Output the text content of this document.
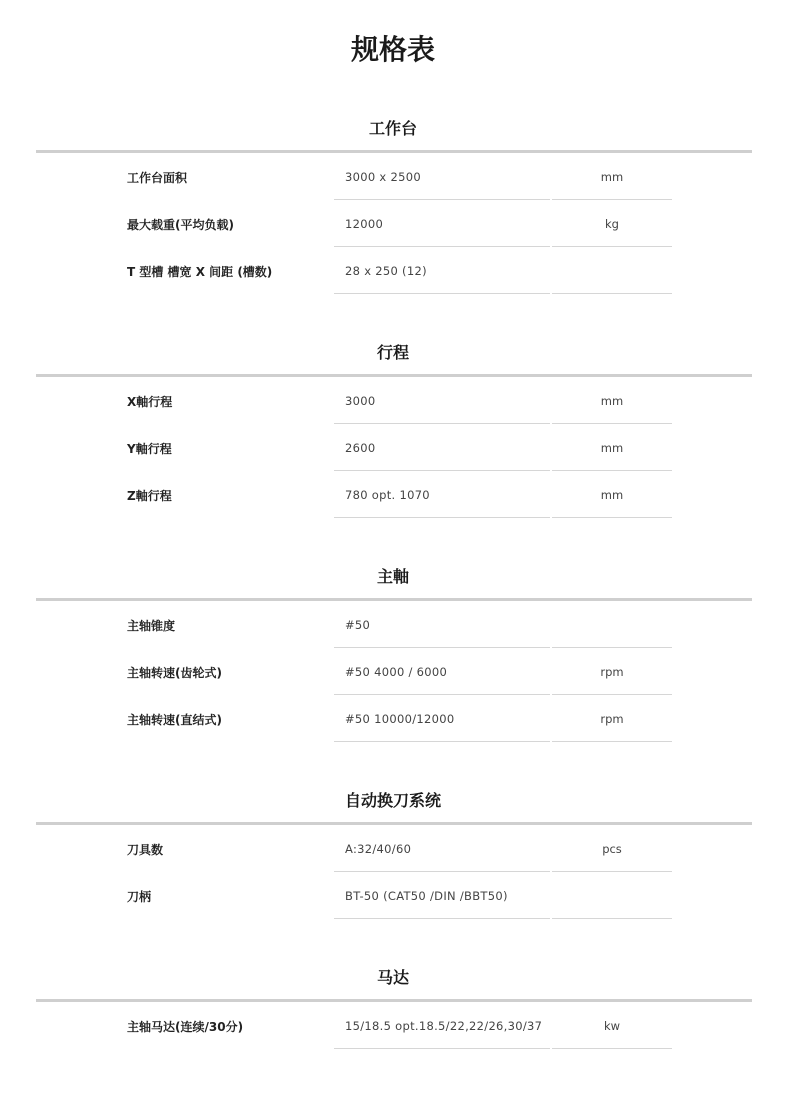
规格表
工作台
工作台面积	3000 x 2500	mm
最大载重(平均负载)	12000	kg
T 型槽 槽宽 X 间距 (槽数)	28 x 250 (12)
行程
X軸行程	3000	mm
Y軸行程	2600	mm
Z軸行程	780 opt. 1070	mm
主軸
主轴锥度	#50
主轴转速(齿轮式)	#50 4000 / 6000	rpm
主轴转速(直结式)	#50 10000/12000	rpm
自动换刀系统
刀具数	A:32/40/60	pcs
刀柄	BT-50 (CAT50 /DIN /BBT50)
马达
主轴马达(连续/30分)	15/18.5 opt.18.5/22,22/26,30/37	kw
